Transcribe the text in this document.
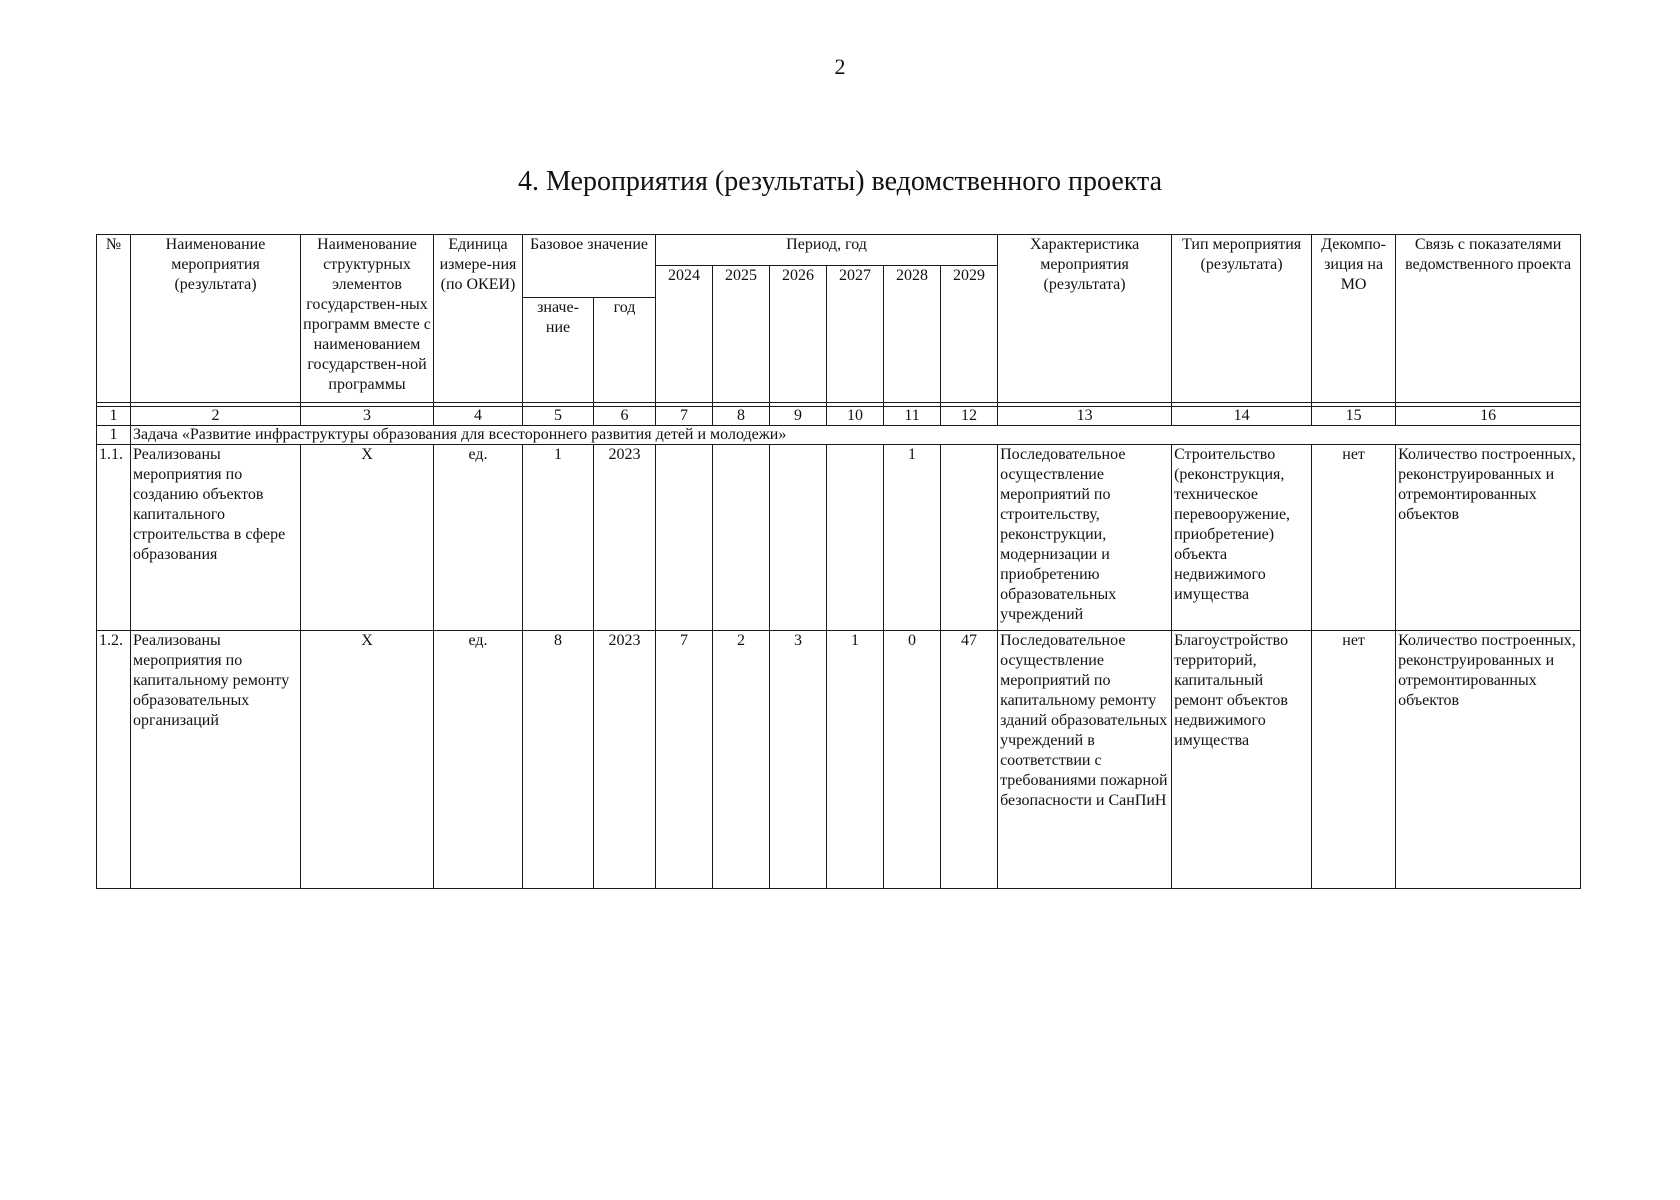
2
4. Мероприятия (результаты) ведомственного проекта
№	Наименование мероприятия (результата)	Наименование структурных элементов государствен-ных программ вместе с наименованием государствен-ной программы	Единица измере-ния (по ОКЕИ)	Базовое значение		Период, год						Характеристика мероприятия (результата)	Тип мероприятия (результата)	Декомпо-зиция на МО	Связь с показателями ведомственного проекта
						2024	2025	2026	2027	2028	2029				
				значе-ние	год										

1	2	3	4	5	6	7	8	9	10	11	12	13	14	15	16
1	Задача «Развитие инфраструктуры образования для всестороннего развития детей и молодежи»														
1.1.	Реализованы мероприятия по созданию объектов капитального строительства в сфере образования	X	ед.	1	2023					1		Последовательное осуществление мероприятий по строительству, реконструкции, модернизации и приобретению образовательных учреждений	Строительство (реконструкция, техническое перевооружение, приобретение) объекта недвижимого имущества	нет	Количество построенных, реконструированных и отремонтированных объектов
1.2.	Реализованы мероприятия по капитальному ремонту образовательных организаций	X	ед.	8	2023	7	2	3	1	0	47	Последовательное осуществление мероприятий по капитальному ремонту зданий образовательных учреждений в соответствии с требованиями пожарной безопасности и СанПиН	Благоустройство территорий, капитальный ремонт объектов недвижимого имущества	нет	Количество построенных, реконструированных и отремонтированных объектов
